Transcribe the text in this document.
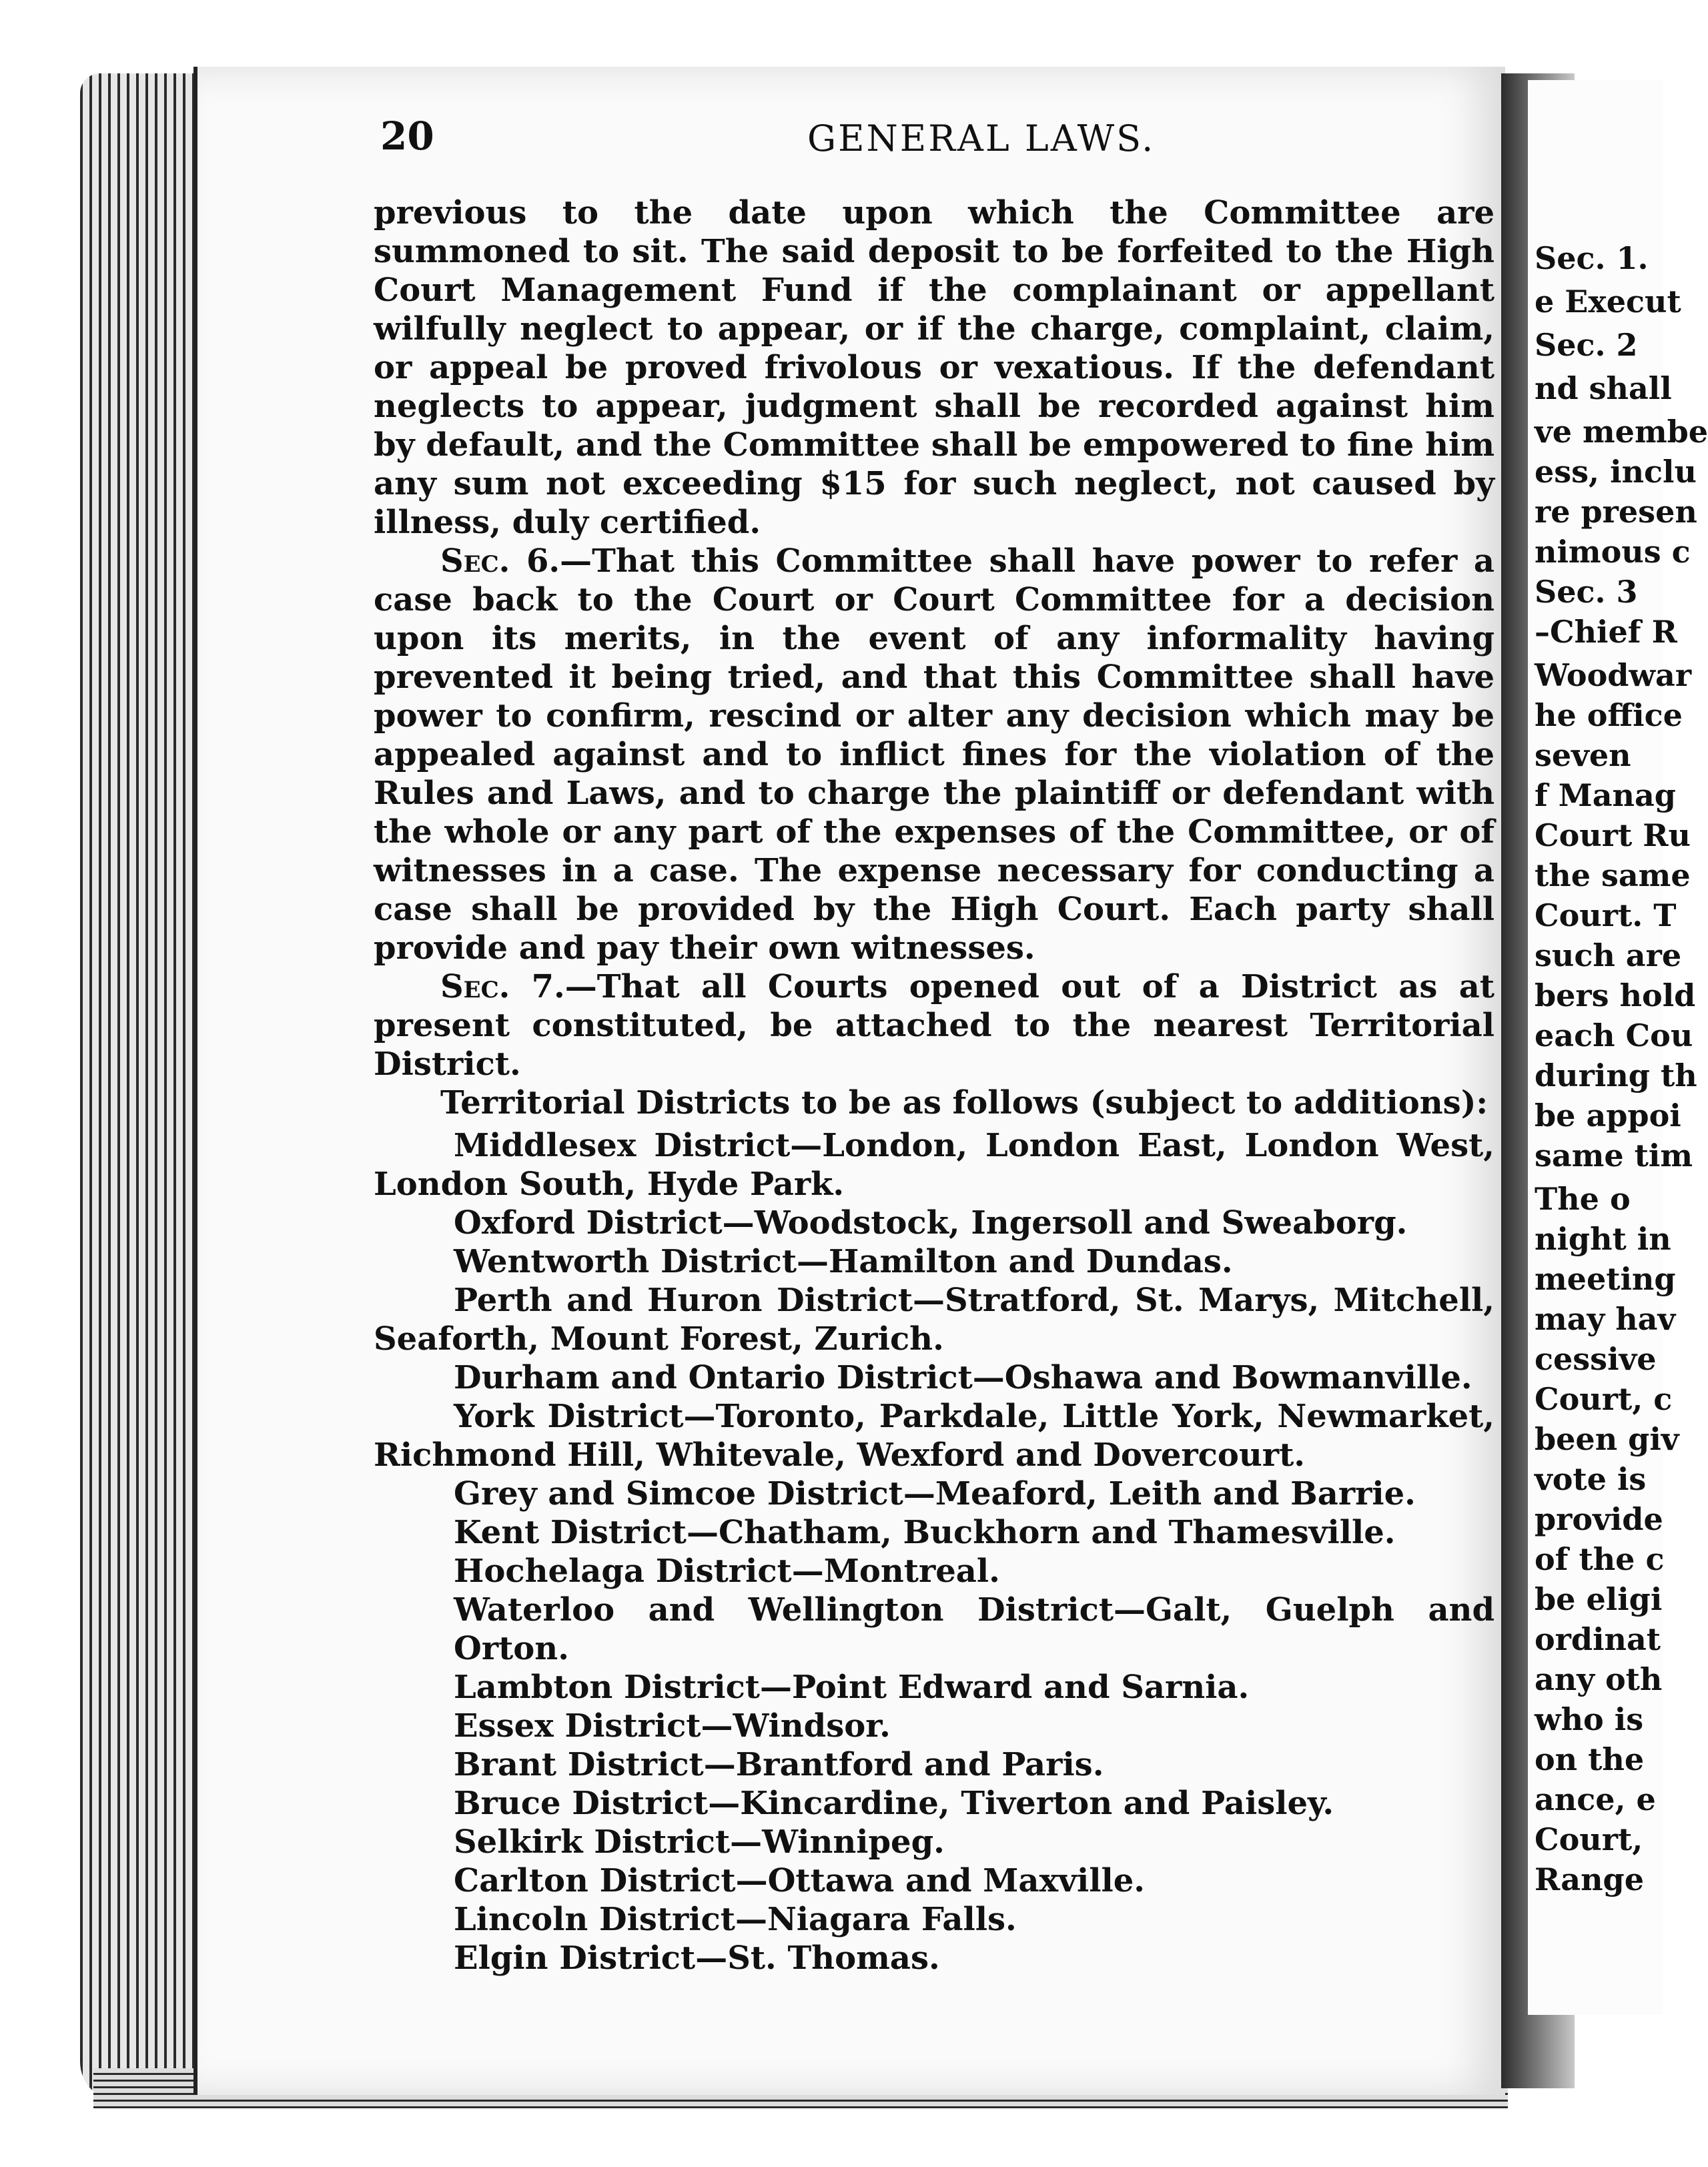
Sec. 1.
e Execut
Sec. 2
nd shall
ve membe
ess, inclu
re presen
nimous c
Sec. 3
–Chief R
Woodwar
he office
seven
f Manag
Court Ru
the same
Court. T
such are
bers hold
each Cou
during th
be appoi
same tim
The o
night in
meeting
may hav
cessive
Court, c
been giv
vote is
provide
of the c
be eligi
ordinat
any oth
who is
on the
ance, e
Court,
Range
20	GENERAL LAWS.

previous to the date upon which the Committee are summoned to sit. The said deposit to be forfeited to the High Court Management Fund if the complainant or appellant wilfully neglect to appear, or if the charge, complaint, claim, or appeal be proved frivolous or vexatious. If the defendant neglects to appear, judgment shall be recorded against him by default, and the Committee shall be empowered to fine him any sum not exceeding $15 for such neglect, not caused by illness, duly certified.

Sec. 6.—That this Committee shall have power to refer a case back to the Court or Court Committee for a decision upon its merits, in the event of any informality having prevented it being tried, and that this Committee shall have power to confirm, rescind or alter any decision which may be appealed against and to inflict fines for the violation of the Rules and Laws, and to charge the plaintiff or defendant with the whole or any part of the expenses of the Committee, or of witnesses in a case. The expense necessary for conducting a case shall be provided by the High Court. Each party shall provide and pay their own witnesses.

Sec. 7.—That all Courts opened out of a District as at present constituted, be attached to the nearest Territorial District.

Territorial Districts to be as follows (subject to additions):

Middlesex District—London, London East, London West, London South, Hyde Park.

Oxford District—Woodstock, Ingersoll and Sweaborg.

Wentworth District—Hamilton and Dundas.

Perth and Huron District—Stratford, St. Marys, Mitchell, Seaforth, Mount Forest, Zurich.

Durham and Ontario District—Oshawa and Bowmanville.

York District—Toronto, Parkdale, Little York, Newmarket, Richmond Hill, Whitevale, Wexford and Dovercourt.

Grey and Simcoe District—Meaford, Leith and Barrie.

Kent District—Chatham, Buckhorn and Thamesville.

Hochelaga District—Montreal.

Waterloo and Wellington District—Galt, Guelph and Orton.

Lambton District—Point Edward and Sarnia.

Essex District—Windsor.

Brant District—Brantford and Paris.

Bruce District—Kincardine, Tiverton and Paisley.

Selkirk District—Winnipeg.

Carlton District—Ottawa and Maxville.

Lincoln District—Niagara Falls.

Elgin District—St. Thomas.
